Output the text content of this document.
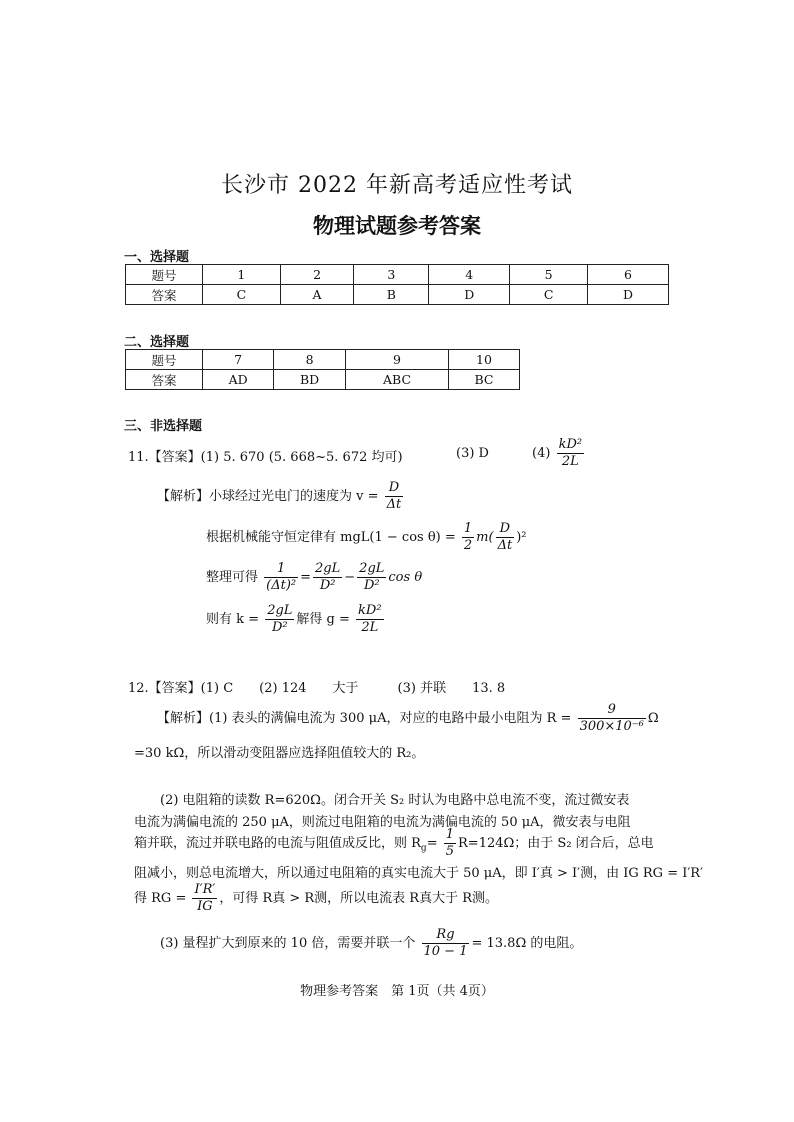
长沙市 2022 年新高考适应性考试
物理试题参考答案
一、选择题
题号	1	2	3	4	5	6
答案	C	A	B	D	C	D
二、选择题
题号	7	8	9	10
答案	AD	BD	ABC	BC
三、非选择题
11.【答案】(1) 5. 670 (5. 668~5. 672 均可)	(3) D	$(4) \frac{\text{kD²}}{2L}$
【解析】小球经过光电门的速度为 $v = \frac{D}{\Delta t}$
根据机械能守恒定律有 $mgL(1 - \cos \theta) = \frac{1}{2} m( \frac{D}{\Delta t} )^2$
整理可得 $\frac{1}{\text{(Δt)²}} = \frac{2gL}{\text{D²}} - \frac{2gL}{\text{D²}}$ cos θ
则有 $k = \frac{2gL}{\text{D²}}$ 解得 $g = \frac{\text{kD²}}{2L}$
12.【答案】(1) C　　(2) 124　　大于　　　(3) 并联　　13. 8
【解析】(1) 表头的满偏电流为 300 μA，对应的电路中最小电阻为 $R = \frac{9}{\text{300×10⁻⁶}}$ Ω
=30 kΩ，所以滑动变阻器应选择阻值较大的 R₂。
(2) 电阻箱的读数 R=620Ω。闭合开关 S₂ 时认为电路中总电流不变，流过微安表
电流为满偏电流的 250 μA，则流过电阻箱的电流为满偏电流的 50 μA，微安表与电阻
箱并联，流过并联电路的电流与阻值成反比，则 $R_g= \frac{1}{5} R=124\Omega$；由于 S₂ 闭合后，总电
阻减小，则总电流增大，所以通过电阻箱的真实电流大于 50 μA，即 I′真 > I′测，由 IG RG = I′R′
得 RG = $\frac{I'R'}{IG}$ ，可得 R真 > R测，所以电流表 R真大于 R测。
(3) 量程扩大到原来的 10 倍，需要并联一个 $\frac{Rg}{10 - 1} = 13.8\Omega$ 的电阻。
物理参考答案　第 1页（共 4页）
